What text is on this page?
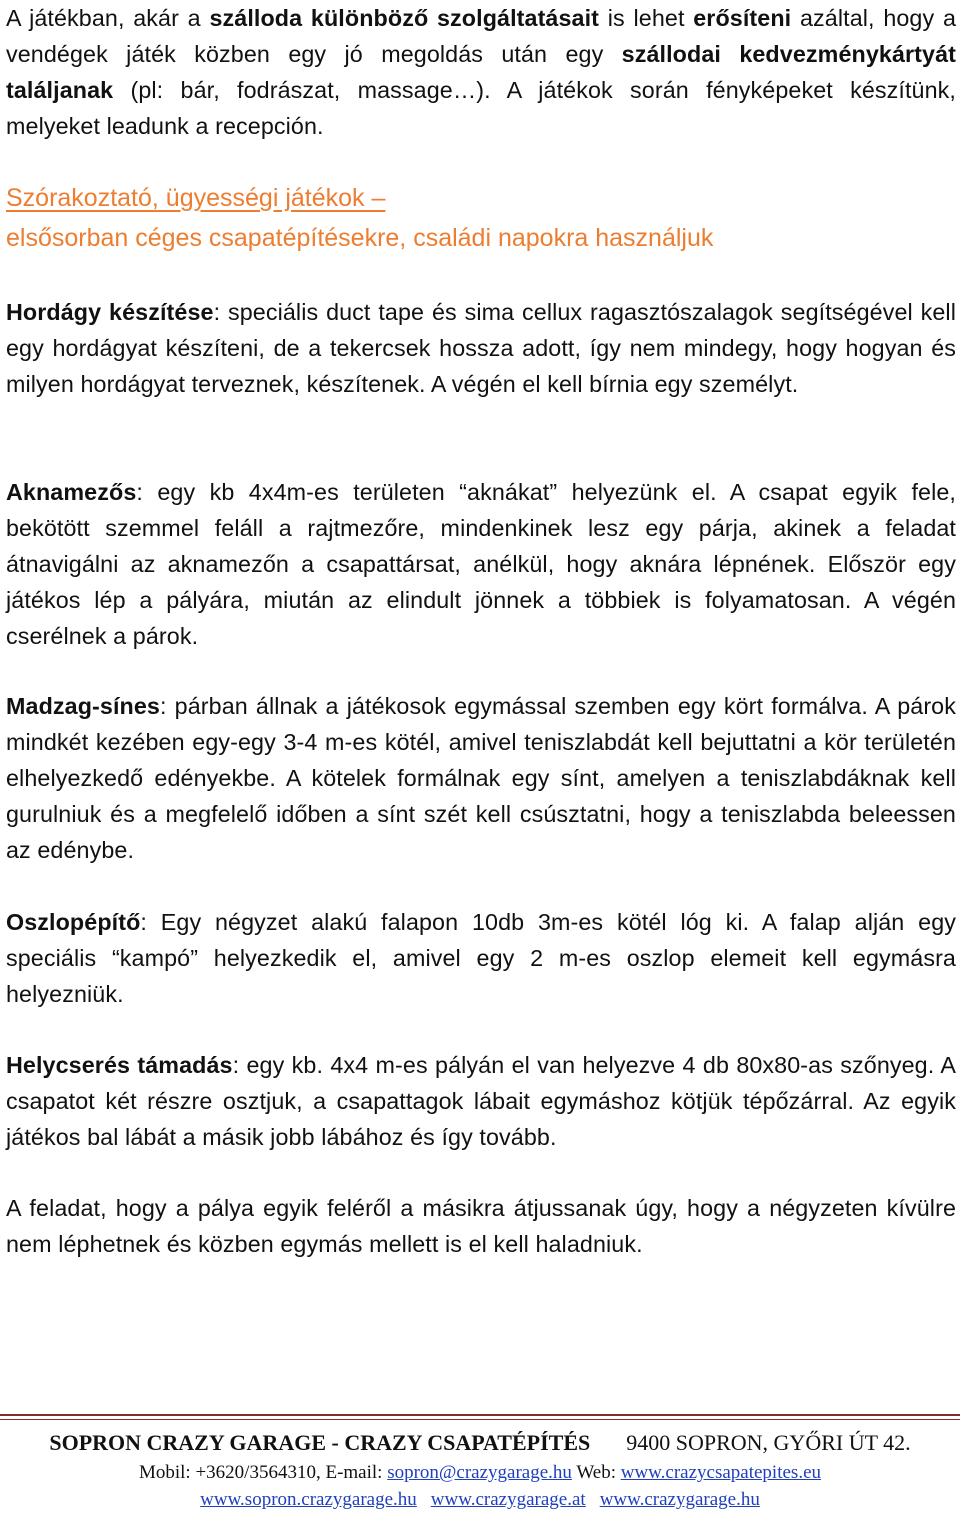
A játékban, akár a szálloda különböző szolgáltatásait is lehet erősíteni azáltal, hogy a vendégek játék közben egy jó megoldás után egy szállodai kedvezménykártyát találjanak (pl: bár, fodrászat, massage…). A játékok során fényképeket készítünk, melyeket leadunk a recepción.

Szórakoztató, ügyességi játékok –
elsősorban céges csapatépítésekre, családi napokra használjuk

Hordágy készítése: speciális duct tape és sima cellux ragasztószalagok segítségével kell egy hordágyat készíteni, de a tekercsek hossza adott, így nem mindegy, hogy hogyan és milyen hordágyat terveznek, készítenek. A végén el kell bírnia egy személyt.

Aknamezős: egy kb 4x4m-es területen “aknákat” helyezünk el. A csapat egyik fele, bekötött szemmel feláll a rajtmezőre, mindenkinek lesz egy párja, akinek a feladat átnavigálni az aknamezőn a csapattársat, anélkül, hogy aknára lépnének. Először egy játékos lép a pályára, miután az elindult jönnek a többiek is folyamatosan. A végén cserélnek a párok.

Madzag-sínes: párban állnak a játékosok egymással szemben egy kört formálva. A párok mindkét kezében egy-egy 3-4 m-es kötél, amivel teniszlabdát kell bejuttatni a kör területén elhelyezkedő edényekbe. A kötelek formálnak egy sínt, amelyen a teniszlabdáknak kell gurulniuk és a megfelelő időben a sínt szét kell csúsztatni, hogy a teniszlabda beleessen az edénybe.

Oszlopépítő: Egy négyzet alakú falapon 10db 3m-es kötél lóg ki. A falap alján egy speciális “kampó” helyezkedik el, amivel egy 2 m-es oszlop elemeit kell egymásra helyezniük.

Helycserés támadás: egy kb. 4x4 m-es pályán el van helyezve 4 db 80x80-as szőnyeg. A csapatot két részre osztjuk, a csapattagok lábait egymáshoz kötjük tépőzárral. Az egyik játékos bal lábát a másik jobb lábához és így tovább.

A feladat, hogy a pálya egyik feléről a másikra átjussanak úgy, hogy a négyzeten kívülre nem léphetnek és közben egymás mellett is el kell haladniuk.

SOPRON CRAZY GARAGE - CRAZY CSAPATÉPÍTÉS 9400 SOPRON, GYŐRI ÚT 42.
Mobil: +3620/3564310, E-mail: sopron@crazygarage.hu Web: www.crazycsapatepites.eu
www.sopron.crazygarage.hu www.crazygarage.at www.crazygarage.hu
